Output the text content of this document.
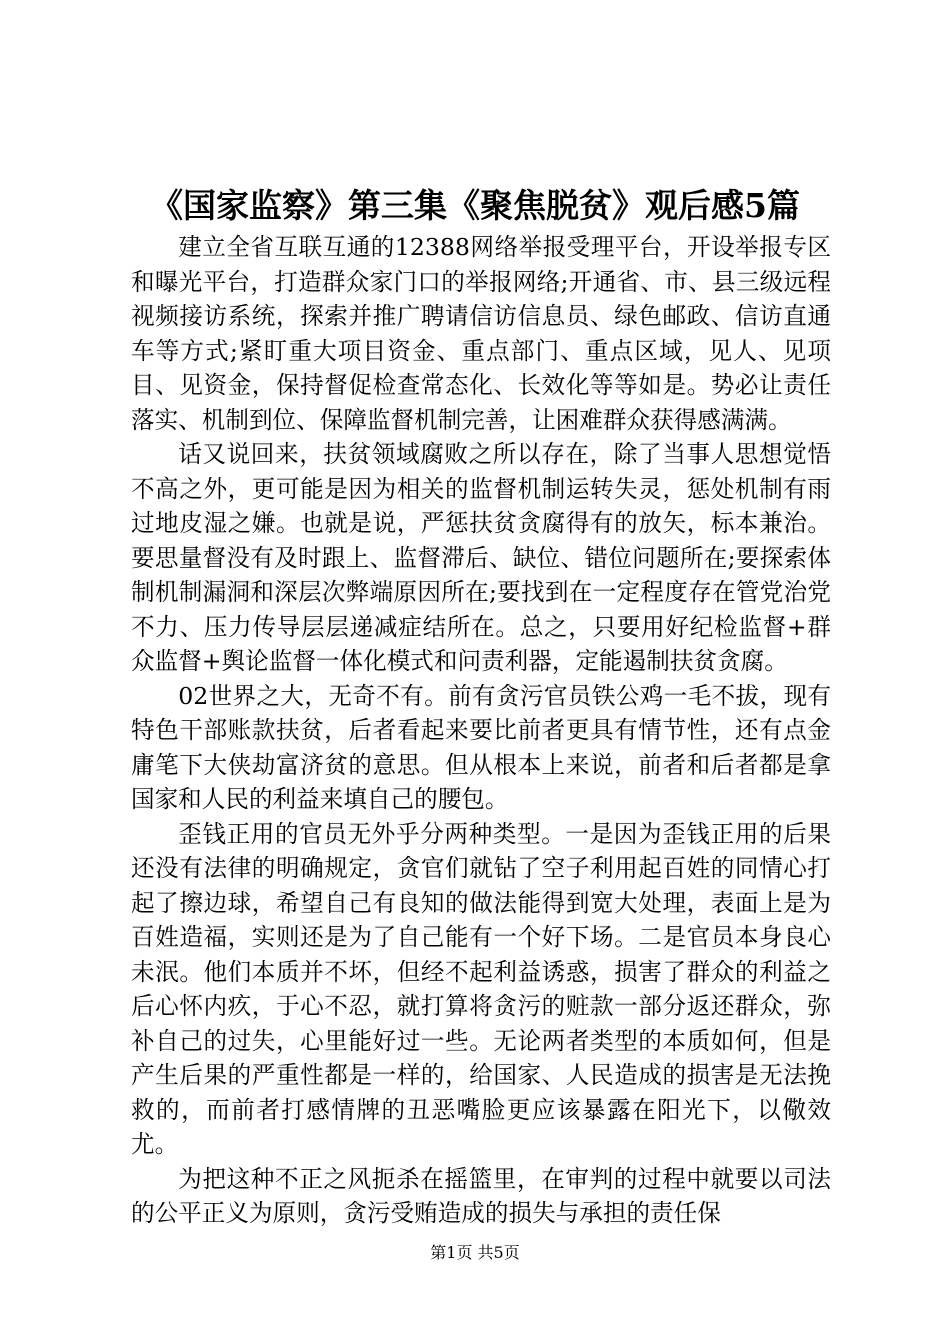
《国家监察》第三集《聚焦脱贫》观后感5篇

建立全省互联互通的12388网络举报受理平台，开设举报专区和曝光平台，打造群众家门口的举报网络;开通省、市、县三级远程视频接访系统，探索并推广聘请信访信息员、绿色邮政、信访直通车等方式;紧盯重大项目资金、重点部门、重点区域，见人、见项目、见资金，保持督促检查常态化、长效化等等如是。势必让责任落实、机制到位、保障监督机制完善，让困难群众获得感满满。

话又说回来，扶贫领域腐败之所以存在，除了当事人思想觉悟不高之外，更可能是因为相关的监督机制运转失灵，惩处机制有雨过地皮湿之嫌。也就是说，严惩扶贫贪腐得有的放矢，标本兼治。要思量督没有及时跟上、监督滞后、缺位、错位问题所在;要探索体制机制漏洞和深层次弊端原因所在;要找到在一定程度存在管党治党不力、压力传导层层递减症结所在。总之，只要用好纪检监督+群众监督+舆论监督一体化模式和问责利器，定能遏制扶贫贪腐。

02世界之大，无奇不有。前有贪污官员铁公鸡一毛不拔，现有特色干部账款扶贫，后者看起来要比前者更具有情节性，还有点金庸笔下大侠劫富济贫的意思。但从根本上来说，前者和后者都是拿国家和人民的利益来填自己的腰包。

歪钱正用的官员无外乎分两种类型。一是因为歪钱正用的后果还没有法律的明确规定，贪官们就钻了空子利用起百姓的同情心打起了擦边球，希望自己有良知的做法能得到宽大处理，表面上是为百姓造福，实则还是为了自己能有一个好下场。二是官员本身良心未泯。他们本质并不坏，但经不起利益诱惑，损害了群众的利益之后心怀内疚，于心不忍，就打算将贪污的赃款一部分返还群众，弥补自己的过失，心里能好过一些。无论两者类型的本质如何，但是产生后果的严重性都是一样的，给国家、人民造成的损害是无法挽救的，而前者打感情牌的丑恶嘴脸更应该暴露在阳光下，以儆效尤。

为把这种不正之风扼杀在摇篮里，在审判的过程中就要以司法的公平正义为原则，贪污受贿造成的损失与承担的责任保

第1页 共5页
